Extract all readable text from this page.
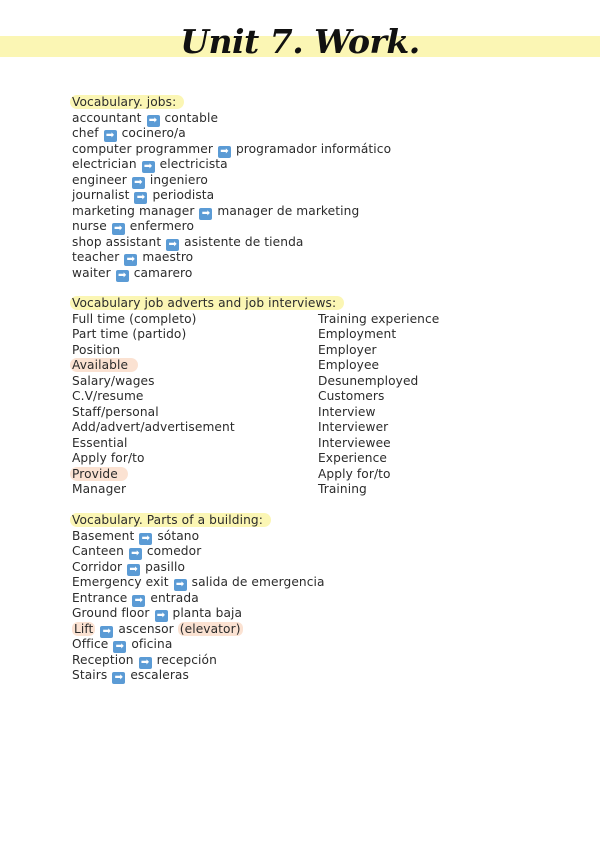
Unit 7. Work.
Vocabulary. jobs:
accountant ➡ contable
chef ➡ cocinero/a
computer programmer ➡ programador informático
electrician ➡ electricista
engineer ➡ ingeniero
journalist ➡ periodista
marketing manager ➡ manager de marketing
nurse ➡ enfermero
shop assistant ➡ asistente de tienda
teacher ➡ maestro
waiter ➡ camarero
Vocabulary job adverts and job interviews:
Full time (completo)
Part time (partido)
Position
Available
Salary/wages
C.V/resume
Staff/personal
Add/advert/advertisement
Essential
Apply for/to
Provide
Manager
Training experience
Employment
Employer
Employee
Desunemployed
Customers
Interview
Interviewer
Interviewee
Experience
Apply for/to
Training
Vocabulary. Parts of a building:
Basement ➡ sótano
Canteen ➡ comedor
Corridor ➡ pasillo
Emergency exit ➡ salida de emergencia
Entrance ➡ entrada
Ground floor ➡ planta baja
Lift ➡ ascensor (elevator)
Office ➡ oficina
Reception ➡ recepción
Stairs ➡ escaleras
